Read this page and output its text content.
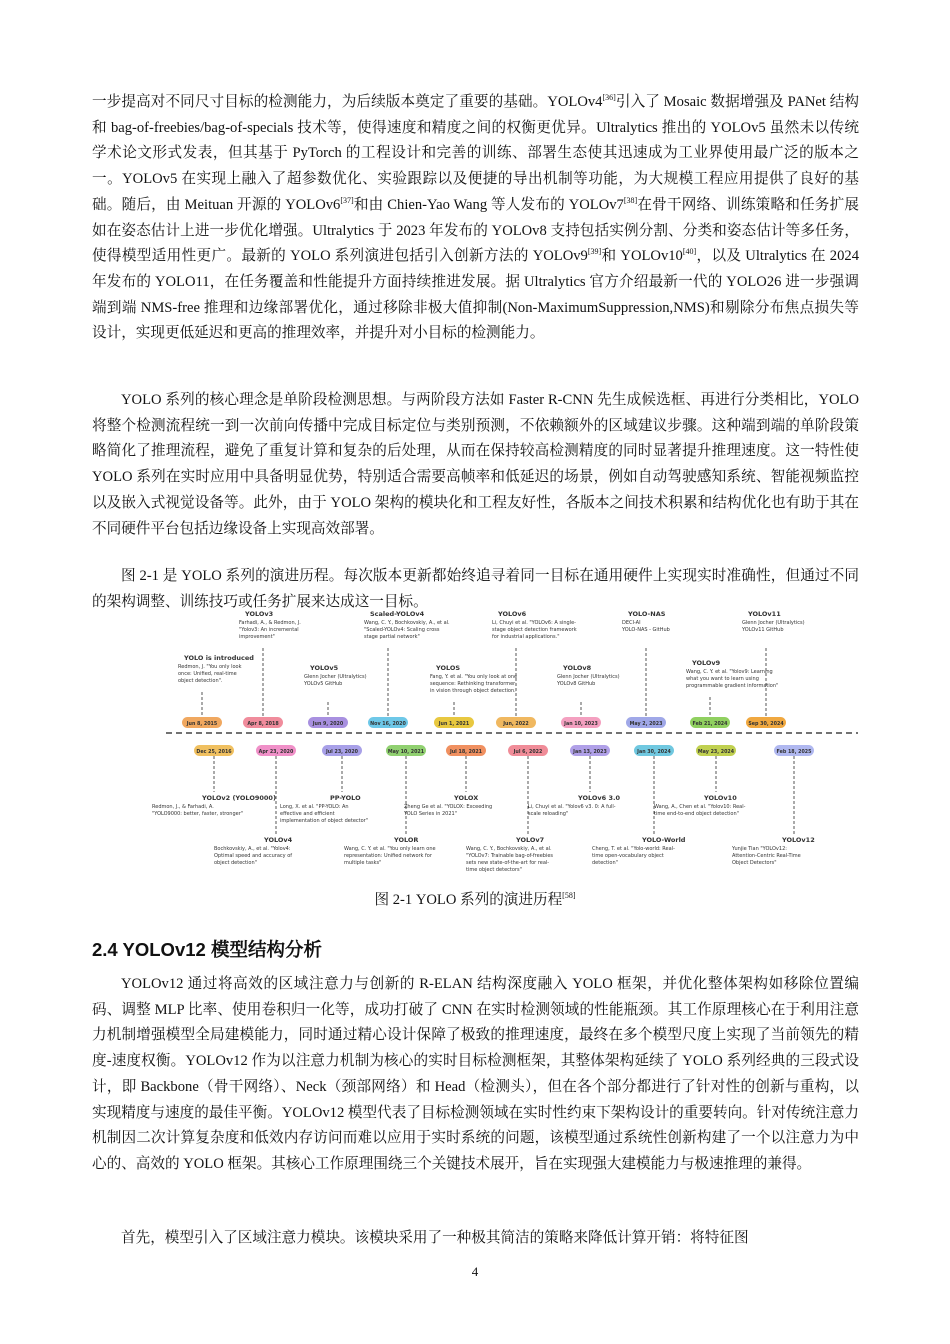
一步提高对不同尺寸目标的检测能力，为后续版本奠定了重要的基础。YOLOv4[36]引入了 Mosaic 数据增强及 PANet 结构和 bag-of-freebies/bag-of-specials 技术等，使得速度和精度之间的权衡更优异。Ultralytics 推出的 YOLOv5 虽然未以传统学术论文形式发表，但其基于 PyTorch 的工程设计和完善的训练、部署生态使其迅速成为工业界使用最广泛的版本之一。YOLOv5 在实现上融入了超参数优化、实验跟踪以及便捷的导出机制等功能，为大规模工程应用提供了良好的基础。随后，由 Meituan 开源的 YOLOv6[37]和由 Chien-Yao Wang 等人发布的 YOLOv7[38]在骨干网络、训练策略和任务扩展如在姿态估计上进一步优化增强。Ultralytics 于 2023 年发布的 YOLOv8 支持包括实例分割、分类和姿态估计等多任务，使得模型适用性更广。最新的 YOLO 系列演进包括引入创新方法的 YOLOv9[39]和 YOLOv10[40]，以及 Ultralytics 在 2024 年发布的 YOLO11，在任务覆盖和性能提升方面持续推进发展。据 Ultralytics 官方介绍最新一代的 YOLO26 进一步强调端到端 NMS-free 推理和边缘部署优化，通过移除非极大值抑制(Non-MaximumSuppression,NMS)和剔除分布焦点损失等设计，实现更低延迟和更高的推理效率，并提升对小目标的检测能力。
YOLO 系列的核心理念是单阶段检测思想。与两阶段方法如 Faster R-CNN 先生成候选框、再进行分类相比，YOLO 将整个检测流程统一到一次前向传播中完成目标定位与类别预测，不依赖额外的区域建议步骤。这种端到端的单阶段策略简化了推理流程，避免了重复计算和复杂的后处理，从而在保持较高检测精度的同时显著提升推理速度。这一特性使 YOLO 系列在实时应用中具备明显优势，特别适合需要高帧率和低延迟的场景，例如自动驾驶感知系统、智能视频监控以及嵌入式视觉设备等。此外，由于 YOLO 架构的模块化和工程友好性，各版本之间技术积累和结构优化也有助于其在不同硬件平台包括边缘设备上实现高效部署。
图 2-1 是 YOLO 系列的演进历程。每次版本更新都始终追寻着同一目标在通用硬件上实现实时准确性，但通过不同的架构调整、训练技巧或任务扩展来达成这一目标。
Jun 8, 2015
YOLO is introduced
Redmon, J. "You only look
once: Unified, real-time
object detection".
Apr 8, 2018
YOLOv3
Farhadi, A., & Redmon, J.
"Yolov3: An incremental
improvement"
Jun 9, 2020
YOLOv5
Glenn Jocher (Ultralytics)
YOLOv5 GitHub
Nov 16, 2020
Scaled-YOLOv4
Wang, C. Y., Bochkovskiy, A., et al.
"Scaled-YOLOv4: Scaling cross
stage partial network"
Jun 1, 2021
YOLOS
Fang, Y. et al. "You only look at one
sequence: Rethinking transformer
in vision through object detection.
Jun, 2022
YOLOv6
Li, Chuyi et al. "YOLOv6: A single-
stage object detection framework
for industrial applications."
Jan 10, 2023
YOLOv8
Glenn Jocher (Ultralytics)
YOLOv8 GitHub
May 2, 2023
YOLO-NAS
DECI-AI
YOLO-NAS - GitHub
Feb 21, 2024
YOLOv9
Wang, C. Y. et al. "Yolov9: Learning
what you want to learn using
programmable gradient information"
Sep 30, 2024
YOLOv11
Glenn Jocher (Ultralytics)
YOLOv11 GitHub
Dec 25, 2016
YOLOv2 (YOLO9000)
Redmon, J., & Farhadi, A.
"YOLO9000: better, faster, stronger"
Apr 23, 2020
YOLOv4
Bochkovskiy, A., et al. "Yolov4:
Optimal speed and accuracy of
object detection"
Jul 23, 2020
PP-YOLO
Long, X. et al. "PP-YOLO: An
effective and efficient
implementation of object detector"
May 10, 2021
YOLOR
Wang, C. Y. et al. "You only learn one
representation: Unified network for
multiple tasks"
Jul 18, 2021
YOLOX
Zheng Ge et al. "YOLOX: Exceeding
YOLO Series in 2021"
Jul 6, 2022
YOLOv7
Wang, C. Y., Bochkovskiy, A., et al.
"YOLOv7: Trainable bag-of-freebies
sets new state-of-the-art for real-
time object detectors"
Jan 13, 2023
YOLOv6 3.0
Li, Chuyi et al. "Yolov6 v3. 0: A full-
scale reloading"
Jan 30, 2024
YOLO-World
Cheng, T. et al. "Yolo-world: Real-
time open-vocabulary object
detection"
May 23, 2024
YOLOv10
Wang, A., Chen et al. "Yolov10: Real-
time end-to-end object detection"
Feb 18, 2025
YOLOv12
Yunjie Tian "YOLOv12:
Attention-Centric Real-Time
Object Detectors"
图 2-1 YOLO 系列的演进历程[58]
2.4 YOLOv12 模型结构分析
YOLOv12 通过将高效的区域注意力与创新的 R-ELAN 结构深度融入 YOLO 框架，并优化整体架构如移除位置编码、调整 MLP 比率、使用卷积归一化等，成功打破了 CNN 在实时检测领域的性能瓶颈。其工作原理核心在于利用注意力机制增强模型全局建模能力，同时通过精心设计保障了极致的推理速度，最终在多个模型尺度上实现了当前领先的精度-速度权衡。YOLOv12 作为以注意力机制为核心的实时目标检测框架，其整体架构延续了 YOLO 系列经典的三段式设计，即 Backbone（骨干网络）、Neck（颈部网络）和 Head（检测头），但在各个部分都进行了针对性的创新与重构，以实现精度与速度的最佳平衡。YOLOv12 模型代表了目标检测领域在实时性约束下架构设计的重要转向。针对传统注意力机制因二次计算复杂度和低效内存访问而难以应用于实时系统的问题，该模型通过系统性创新构建了一个以注意力为中心的、高效的 YOLO 框架。其核心工作原理围绕三个关键技术展开，旨在实现强大建模能力与极速推理的兼得。
首先，模型引入了区域注意力模块。该模块采用了一种极其简洁的策略来降低计算开销：将特征图
4
